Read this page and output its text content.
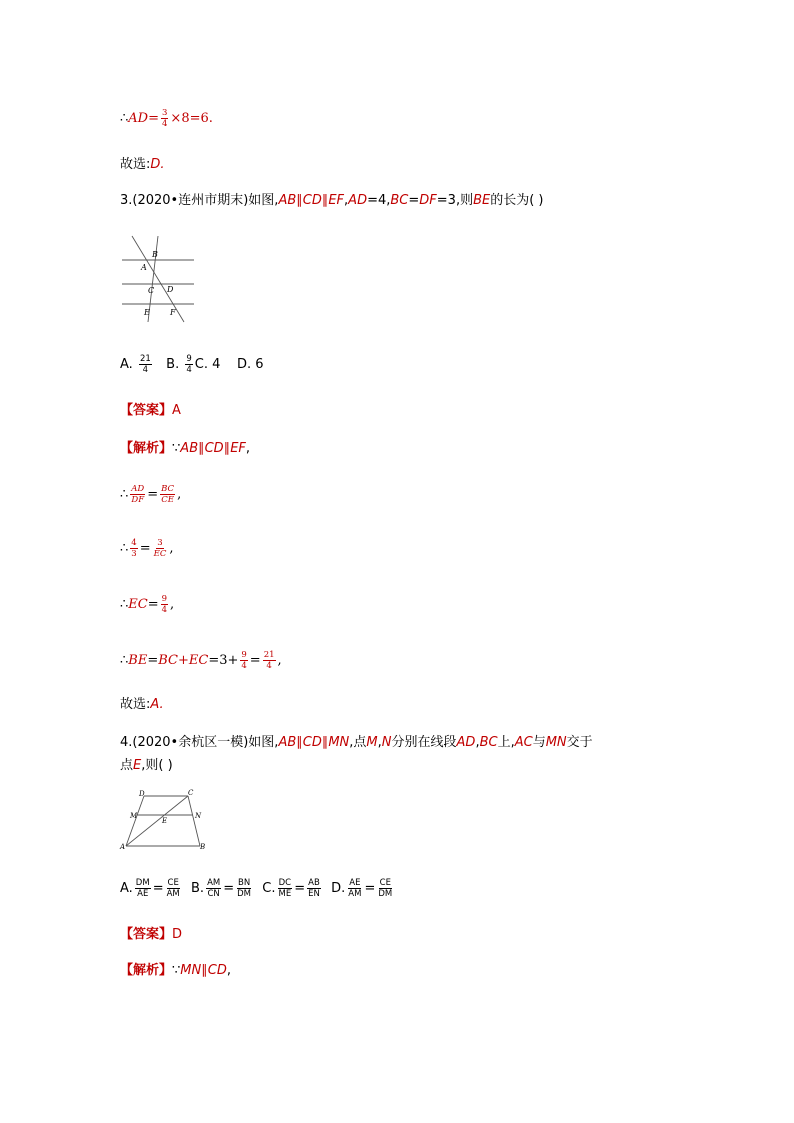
∴AD= $\frac{3}{4} \times 8=6$.
故选:D.
3.(2020•连州市期末)如图,AB∥CD∥EF,AD=4,BC=DF=3,则BE的长为( )
B
A
C D
E	F
A. $\frac{21}{4} B$. $\frac{9}{4} C$. 4 D. 6
【答案】A
【解析】∵AB∥CD∥EF,
∴ $\frac{AD}{DF} = \frac{BC}{CE}$ ,
∴ $\frac{4}{3} = \frac{3}{EC}$ ,
∴EC= $\frac{9}{4}$ ,
∴BE=BC+EC=3+ $\frac{9}{4} = \frac{21}{4}$ ,
故选:A.
4.(2020•余杭区一模)如图,AB∥CD∥MN,点M,N分别在线段AD,BC上,AC与MN交于
点E,则( )
D	C
M	N
E
A	B
A. $\frac{DM}{AE} = \frac{CE}{AM} B$. $\frac{AM}{CN} = \frac{BN}{DM} C$. $\frac{DC}{ME} = \frac{AB}{EN} D$. $\frac{AE}{AM} = \frac{CE}{DM}$
【答案】D
【解析】∵MN∥CD,
